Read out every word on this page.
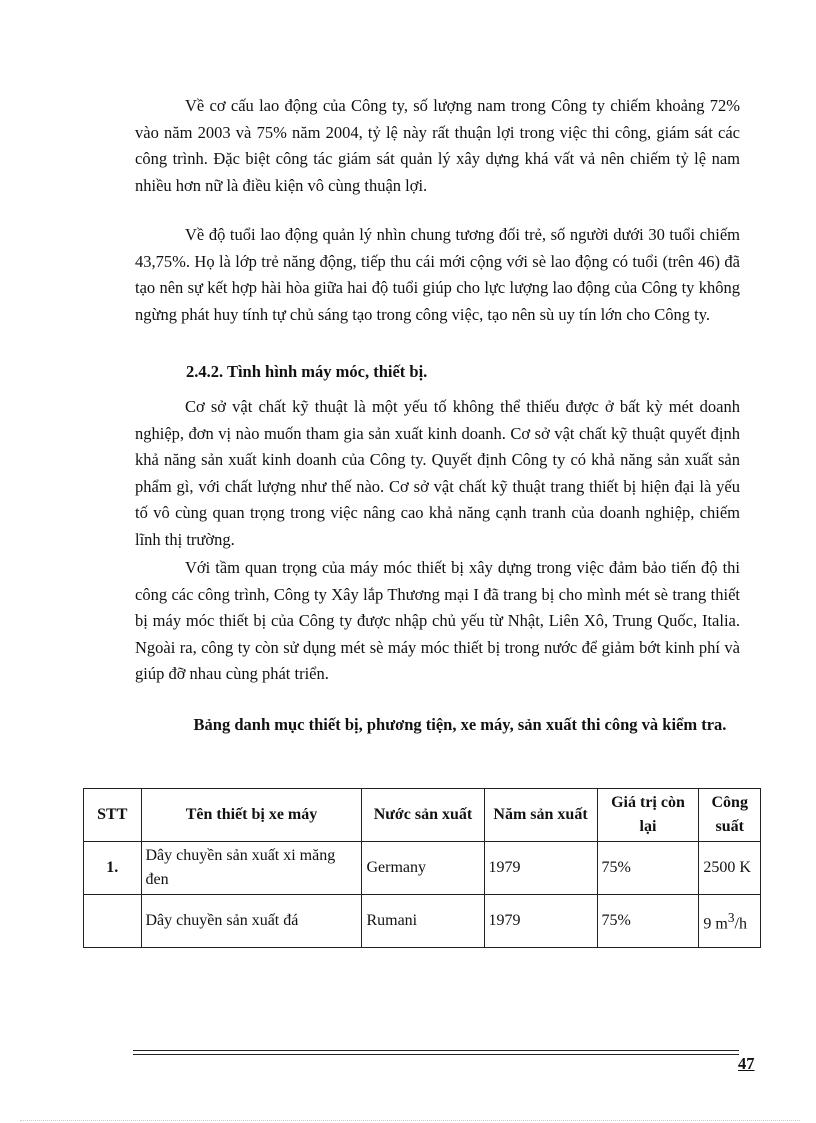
Về cơ cấu lao động của Công ty, số lượng nam trong Công ty chiếm khoảng 72% vào năm 2003 và 75% năm 2004, tỷ lệ này rất thuận lợi trong việc thi công, giám sát các công trình. Đặc biệt công tác giám sát quản lý xây dựng khá vất vả nên chiếm tỷ lệ nam nhiều hơn nữ là điều kiện vô cùng thuận lợi.

Về độ tuổi lao động quản lý nhìn chung tương đối trẻ, số người dưới 30 tuổi chiếm 43,75%. Họ là lớp trẻ năng động, tiếp thu cái mới cộng với sè lao động có tuổi (trên 46) đã tạo nên sự kết hợp hài hòa giữa hai độ tuổi giúp cho lực lượng lao động của Công ty không ngừng phát huy tính tự chủ sáng tạo trong công việc, tạo nên sù uy tín lớn cho Công ty.

2.4.2. Tình hình máy móc, thiết bị.

Cơ sở vật chất kỹ thuật là một yếu tố không thể thiếu được ở bất kỳ mét doanh nghiệp, đơn vị nào muốn tham gia sản xuất kinh doanh. Cơ sở vật chất kỹ thuật quyết định khả năng sản xuất kinh doanh của Công ty. Quyết định Công ty có khả năng sản xuất sản phẩm gì, với chất lượng như thế nào. Cơ sở vật chất kỹ thuật trang thiết bị hiện đại là yếu tố vô cùng quan trọng trong việc nâng cao khả năng cạnh tranh của doanh nghiệp, chiếm lĩnh thị trường.

Với tầm quan trọng của máy móc thiết bị xây dựng trong việc đảm bảo tiến độ thi công các công trình, Công ty Xây lắp Thương mại I đã trang bị cho mình mét sè trang thiết bị máy móc thiết bị của Công ty được nhập chủ yếu từ Nhật, Liên Xô, Trung Quốc, Italia. Ngoài ra, công ty còn sử dụng mét sè máy móc thiết bị trong nước để giảm bớt kinh phí và giúp đỡ nhau cùng phát triển.

Bảng danh mục thiết bị, phương tiện, xe máy, sản xuất thi công và kiểm tra.

STT	Tên thiết bị xe máy	Nước sản xuất	Năm sản xuất	Giá trị còn lại	Công suất
1.	Dây chuyền sản xuất xi măng đen	Germany	1979	75%	2500 K
	Dây chuyền sản xuất đá	Rumani	1979	75%	9 $m^3/h$
47
